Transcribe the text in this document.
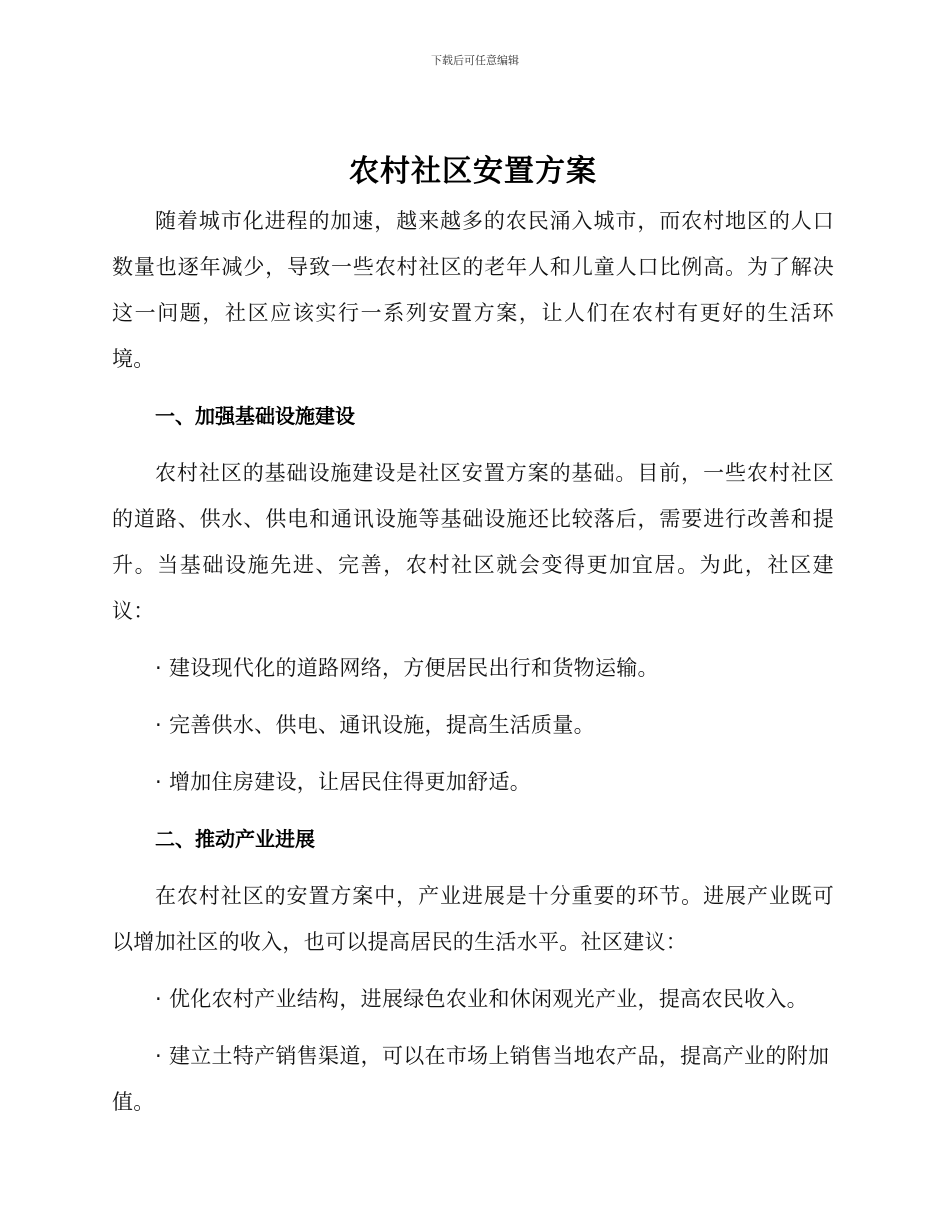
下载后可任意编辑
农村社区安置方案

随着城市化进程的加速，越来越多的农民涌入城市，而农村地区的人口数量也逐年减少，导致一些农村社区的老年人和儿童人口比例高。为了解决这一问题，社区应该实行一系列安置方案，让人们在农村有更好的生活环境。

一、加强基础设施建设

农村社区的基础设施建设是社区安置方案的基础。目前，一些农村社区的道路、供水、供电和通讯设施等基础设施还比较落后，需要进行改善和提升。当基础设施先进、完善，农村社区就会变得更加宜居。为此，社区建议：

· 建设现代化的道路网络，方便居民出行和货物运输。

· 完善供水、供电、通讯设施，提高生活质量。

· 增加住房建设，让居民住得更加舒适。

二、推动产业进展

在农村社区的安置方案中，产业进展是十分重要的环节。进展产业既可以增加社区的收入，也可以提高居民的生活水平。社区建议：

· 优化农村产业结构，进展绿色农业和休闲观光产业，提高农民收入。

· 建立土特产销售渠道，可以在市场上销售当地农产品，提高产业的附加值。
